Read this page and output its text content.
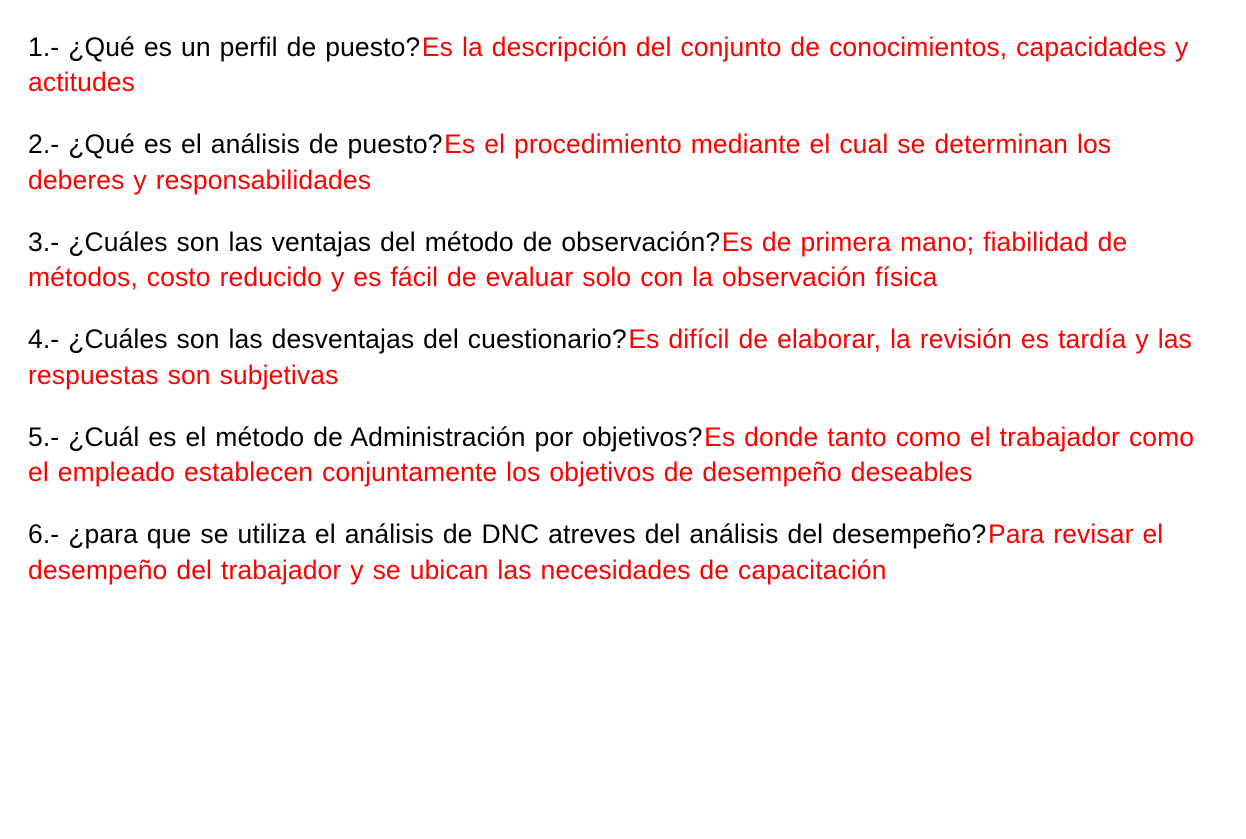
1.- ¿Qué es un perfil de puesto? Es la descripción del conjunto de conocimientos, capacidades y actitudes

2.- ¿Qué es el análisis de puesto? Es el procedimiento mediante el cual se determinan los deberes y responsabilidades

3.- ¿Cuáles son las ventajas del método de observación? Es de primera mano; fiabilidad de métodos, costo reducido y es fácil de evaluar solo con la observación física

4.- ¿Cuáles son las desventajas del cuestionario? Es difícil de elaborar, la revisión es tardía y las respuestas son subjetivas

5.- ¿Cuál es el método de Administración por objetivos? Es donde tanto como el trabajador como el empleado establecen conjuntamente los objetivos de desempeño deseables

6.- ¿para que se utiliza el análisis de DNC atreves del análisis del desempeño? Para revisar el desempeño del trabajador y se ubican las necesidades de capacitación
